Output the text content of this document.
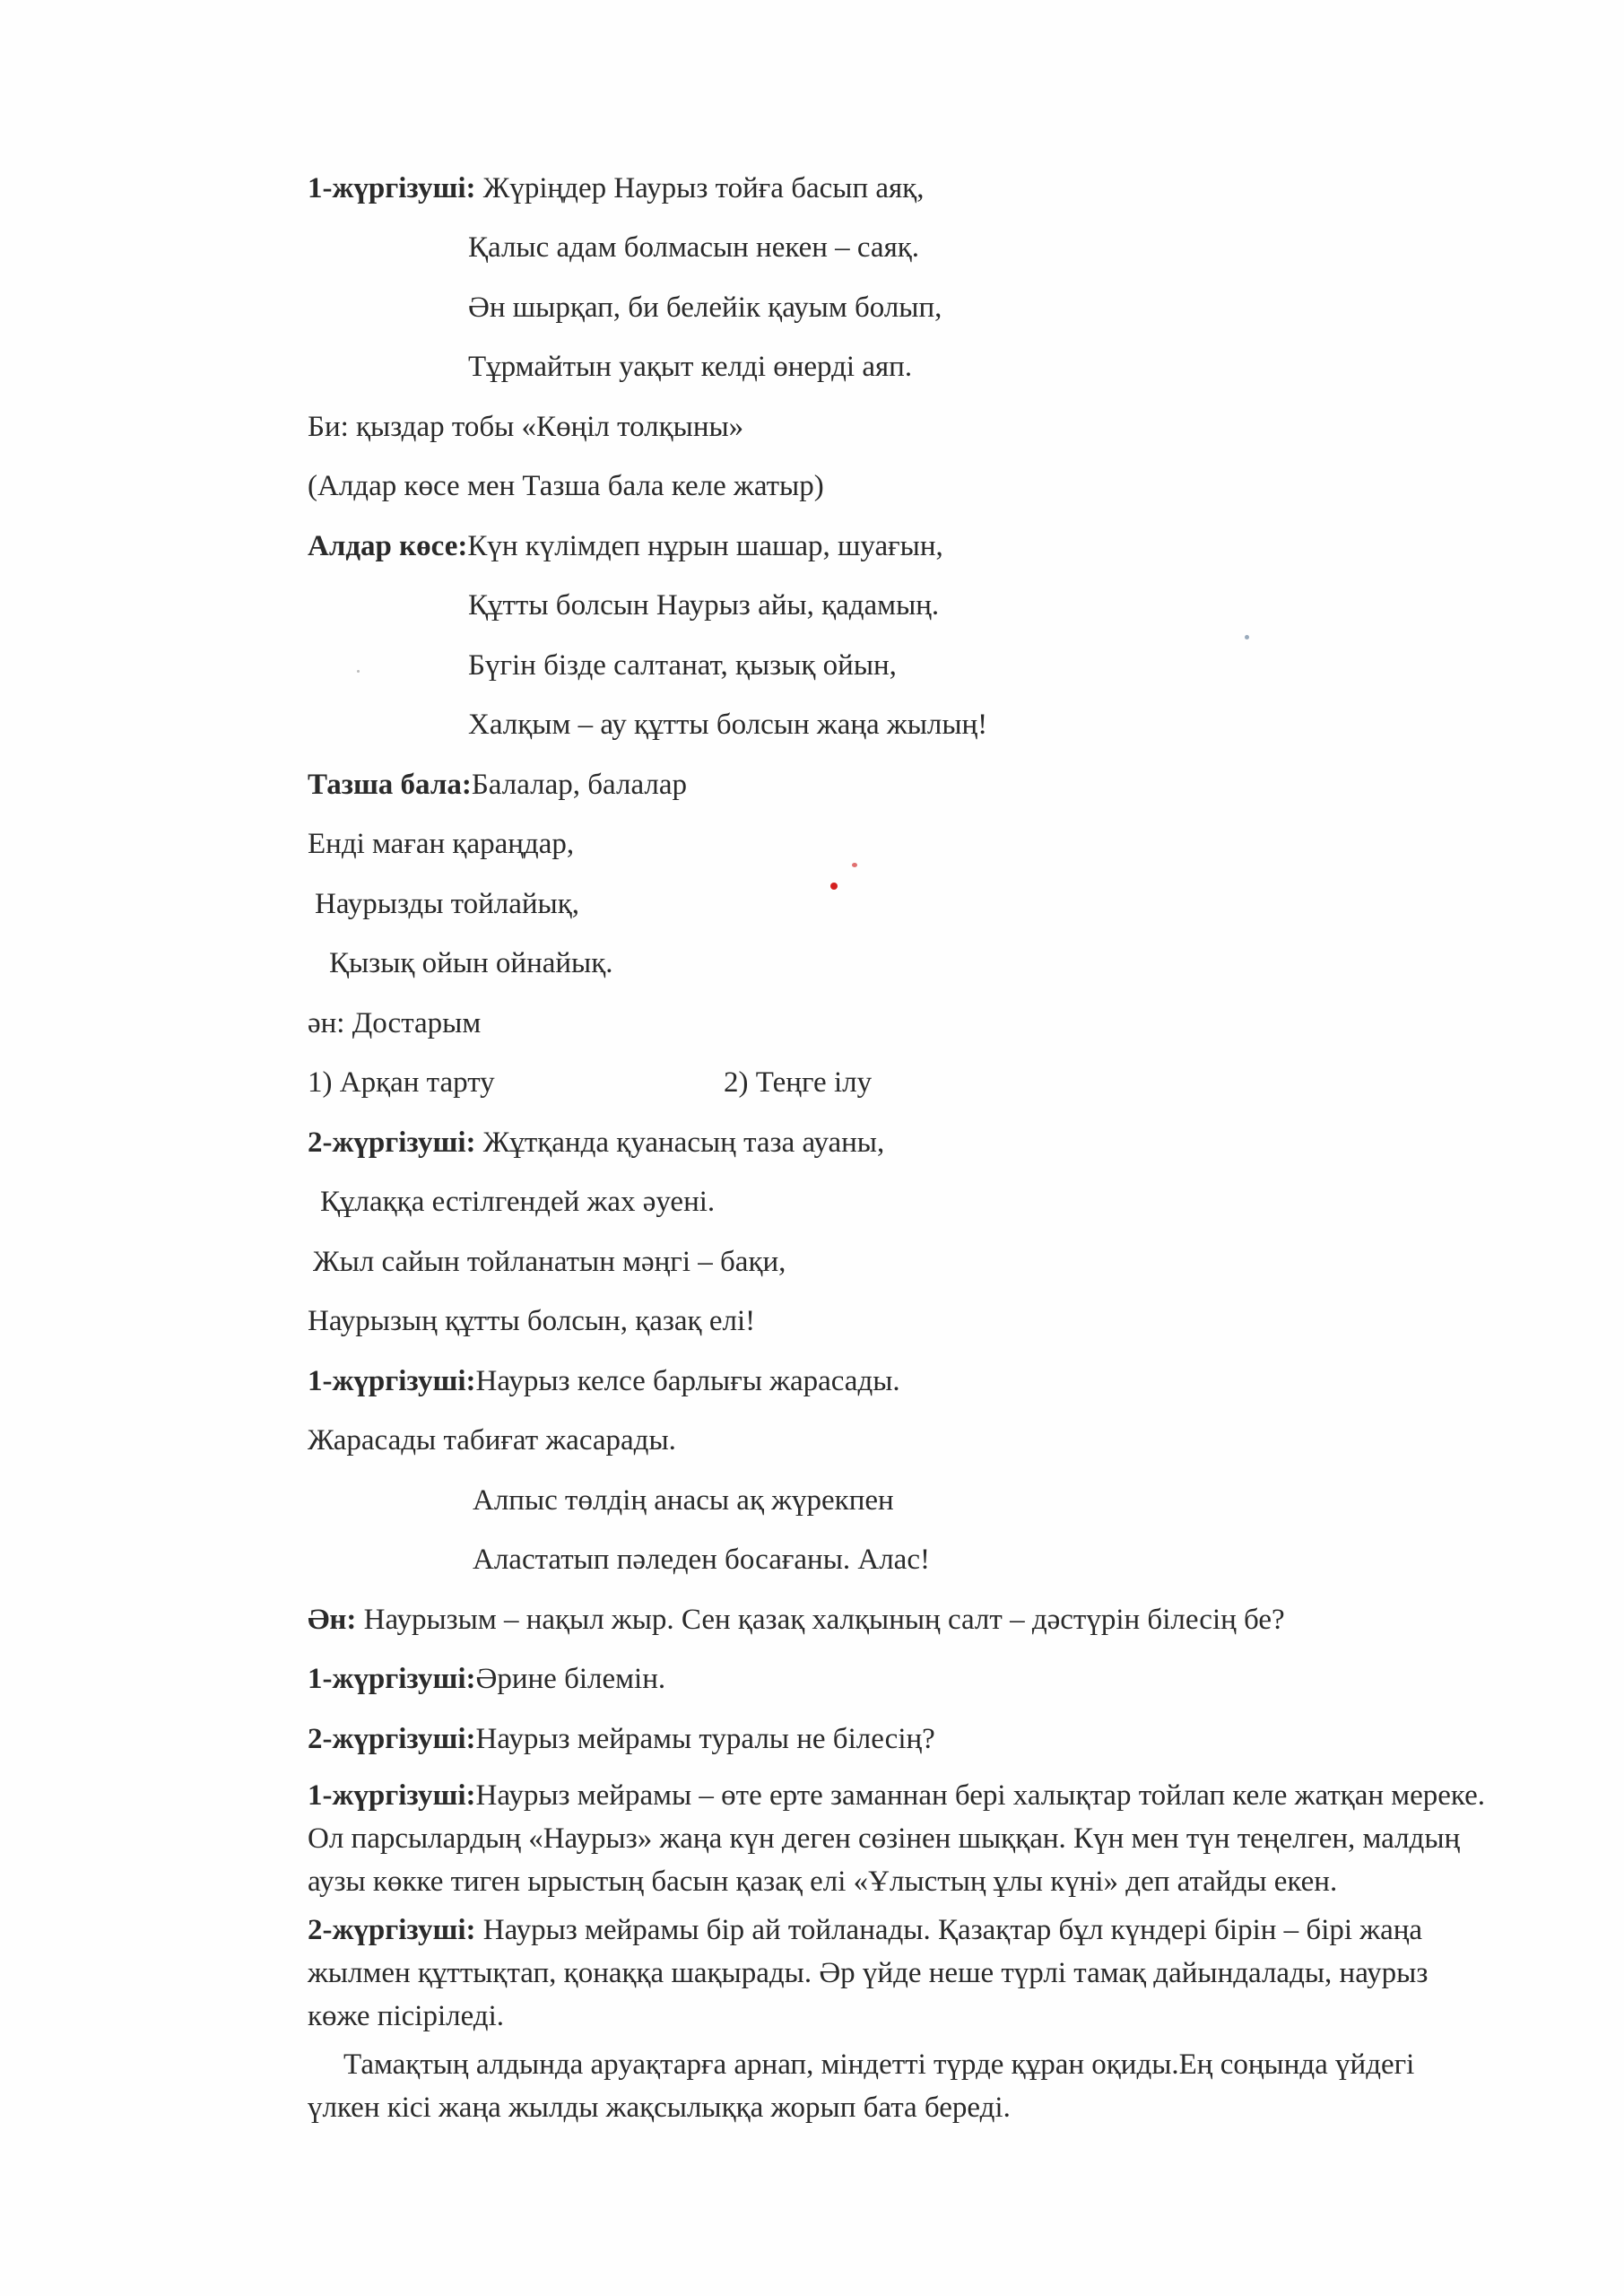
1-жүргізуші: Жүріңдер Наурыз тойға басып аяқ,
Қалыс адам болмасын некен – саяқ.
Ән шырқап, би белейік қауым болып,
Тұрмайтын уақыт келді өнерді аяп.
Би: қыздар тобы «Көңіл толқыны»
(Алдар көсе мен Тазша бала келе жатыр)
Алдар көсе:Күн күлімдеп нұрын шашар, шуағын,
Құтты болсын Наурыз айы, қадамың.
Бүгін бізде салтанат, қызық ойын,
Халқым – ау құтты болсын жаңа жылың!
Тазша бала:Балалар, балалар
Енді маған қараңдар,
Наурызды тойлайық,
Қызық ойын ойнайық.
ән: Достарым
1) Арқан тарту	2) Теңге ілу
2-жүргізуші: Жұтқанда қуанасың таза ауаны,
Құлаққа естілгендей жах әуені.
Жыл сайын тойланатын мәңгі – бақи,
Наурызың құтты болсын, қазақ елі!
1-жүргізуші:Наурыз келсе барлығы жарасады.
Жарасады табиғат жасарады.
Алпыс төлдің анасы ақ жүрекпен
Аластатып пәледен босағаны. Алас!
Ән: Наурызым – нақыл жыр. Сен қазақ халқының салт – дәстүрін білесің бе?
1-жүргізуші:Әрине білемін.
2-жүргізуші:Наурыз мейрамы туралы не білесің?
1-жүргізуші:Наурыз мейрамы – өте ерте заманнан бері халықтар тойлап келе жатқан мереке. Ол парсылардың «Наурыз» жаңа күн деген сөзінен шыққан. Күн мен түн теңелген, малдың аузы көкке тиген ырыстың басын қазақ елі «Ұлыстың ұлы күні» деп атайды екен.
2-жүргізуші: Наурыз мейрамы бір ай тойланады. Қазақтар бұл күндері бірін – бірі жаңа жылмен құттықтап, қонаққа шақырады. Әр үйде неше түрлі тамақ дайындалады, наурыз көже пісіріледі.
Тамақтың алдында аруақтарға арнап, міндетті түрде құран оқиды.Ең соңында үйдегі үлкен кісі жаңа жылды жақсылыққа жорып бата береді.
